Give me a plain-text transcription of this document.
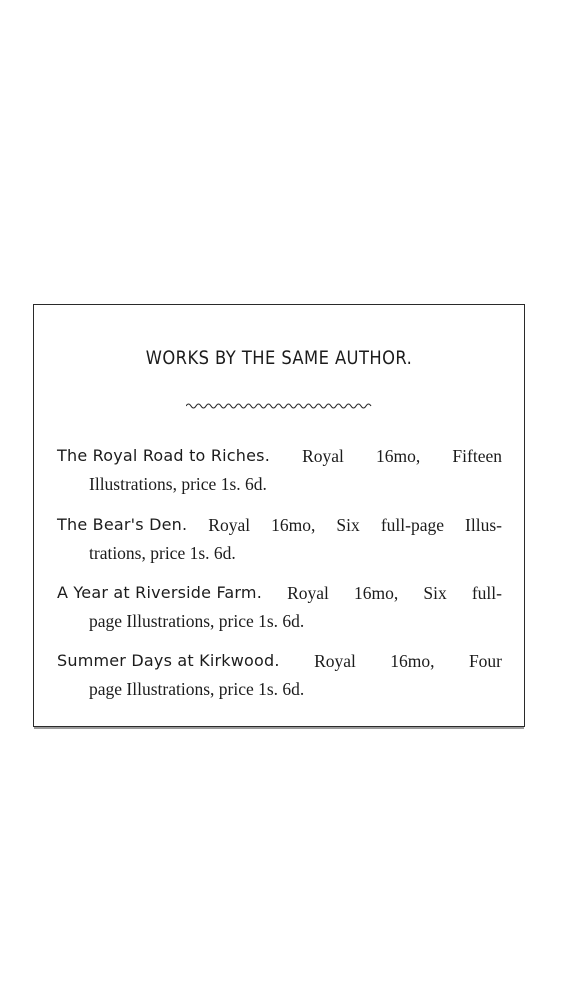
WORKS BY THE SAME AUTHOR.
The Royal Road to Riches. Royal 16mo, Fifteen
Illustrations, price 1s. 6d.
The Bear's Den. Royal 16mo, Six full-page Illus-
trations, price 1s. 6d.
A Year at Riverside Farm. Royal 16mo, Six full-
page Illustrations, price 1s. 6d.
Summer Days at Kirkwood. Royal 16mo, Four
page Illustrations, price 1s. 6d.
